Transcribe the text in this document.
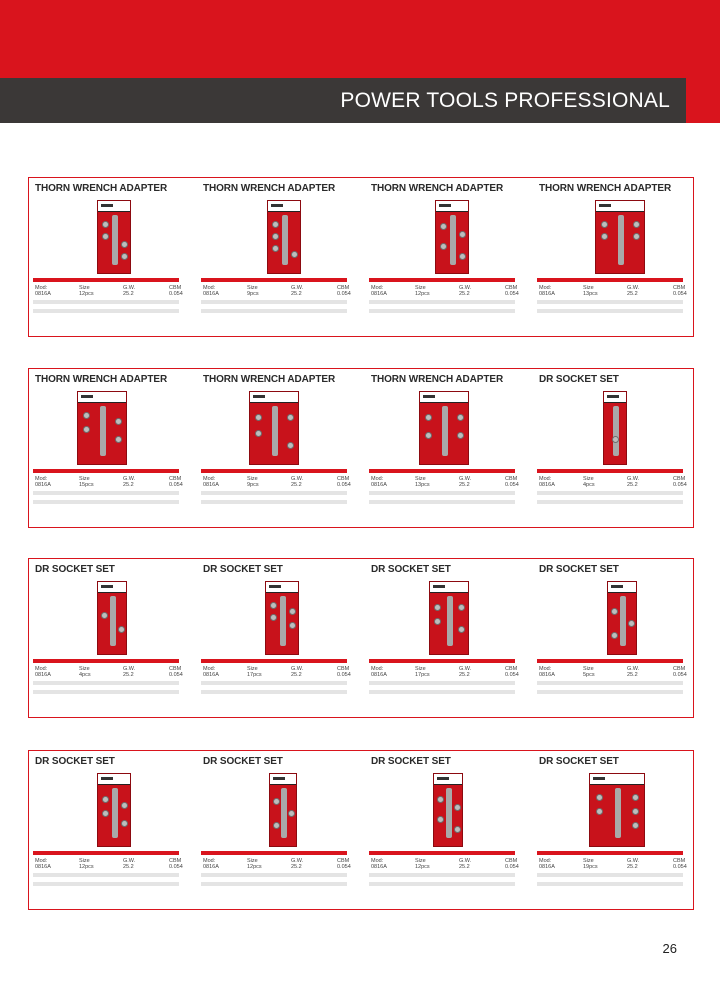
POWER TOOLS PROFESSIONAL
THORN WRENCH ADAPTER
Mod:	Size	G.W.	CBM
0816A	12pcs	25.2	0.054
THORN WRENCH ADAPTER
Mod:	Size	G.W.	CBM
0816A	9pcs	25.2	0.054
THORN WRENCH ADAPTER
Mod:	Size	G.W.	CBM
0816A	12pcs	25.2	0.054
THORN WRENCH ADAPTER
Mod:	Size	G.W.	CBM
0816A	13pcs	25.2	0.054
THORN WRENCH ADAPTER
Mod:	Size	G.W.	CBM
0816A	15pcs	25.2	0.054
THORN WRENCH ADAPTER
Mod:	Size	G.W.	CBM
0816A	9pcs	25.2	0.054
THORN WRENCH ADAPTER
Mod:	Size	G.W.	CBM
0816A	13pcs	25.2	0.054
DR SOCKET SET
Mod:	Size	G.W.	CBM
0816A	4pcs	25.2	0.054
DR SOCKET SET
Mod:	Size	G.W.	CBM
0816A	4pcs	25.2	0.054
DR SOCKET SET
Mod:	Size	G.W.	CBM
0816A	17pcs	25.2	0.054
DR SOCKET SET
Mod:	Size	G.W.	CBM
0816A	17pcs	25.2	0.054
DR SOCKET SET
Mod:	Size	G.W.	CBM
0816A	5pcs	25.2	0.054
DR SOCKET SET
Mod:	Size	G.W.	CBM
0816A	12pcs	25.2	0.054
DR SOCKET SET
Mod:	Size	G.W.	CBM
0816A	12pcs	25.2	0.054
DR SOCKET SET
Mod:	Size	G.W.	CBM
0816A	12pcs	25.2	0.054
DR SOCKET SET
Mod:	Size	G.W.	CBM
0816A	19pcs	25.2	0.054
26
